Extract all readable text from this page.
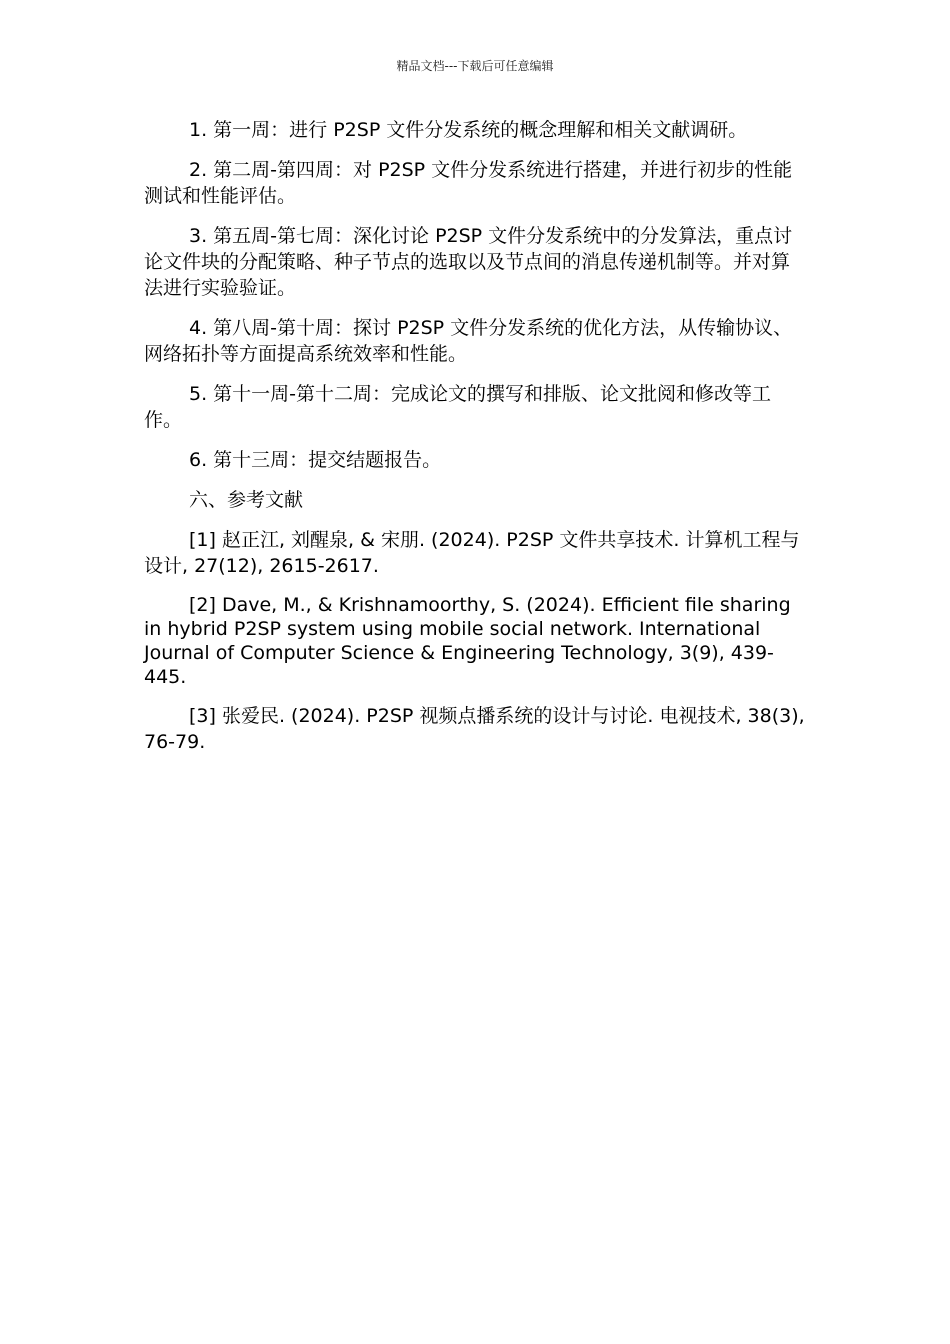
精品文档---下载后可任意编辑

1. 第一周：进行 P2SP 文件分发系统的概念理解和相关文献调研。

2. 第二周-第四周：对 P2SP 文件分发系统进行搭建，并进行初步的性能测试和性能评估。

3. 第五周-第七周：深化讨论 P2SP 文件分发系统中的分发算法，重点讨论文件块的分配策略、种子节点的选取以及节点间的消息传递机制等。并对算法进行实验验证。

4. 第八周-第十周：探讨 P2SP 文件分发系统的优化方法，从传输协议、网络拓扑等方面提高系统效率和性能。

5. 第十一周-第十二周：完成论文的撰写和排版、论文批阅和修改等工作。

6. 第十三周：提交结题报告。

六、参考文献

[1] 赵正江, 刘醒泉, & 宋朋. (2024). P2SP 文件共享技术. 计算机工程与设计, 27(12), 2615-2617.

[2] Dave, M., & Krishnamoorthy, S. (2024). Efficient file sharing in hybrid P2SP system using mobile social network. International Journal of Computer Science & Engineering Technology, 3(9), 439-445.

[3] 张爱民. (2024). P2SP 视频点播系统的设计与讨论. 电视技术, 38(3), 76-79.
